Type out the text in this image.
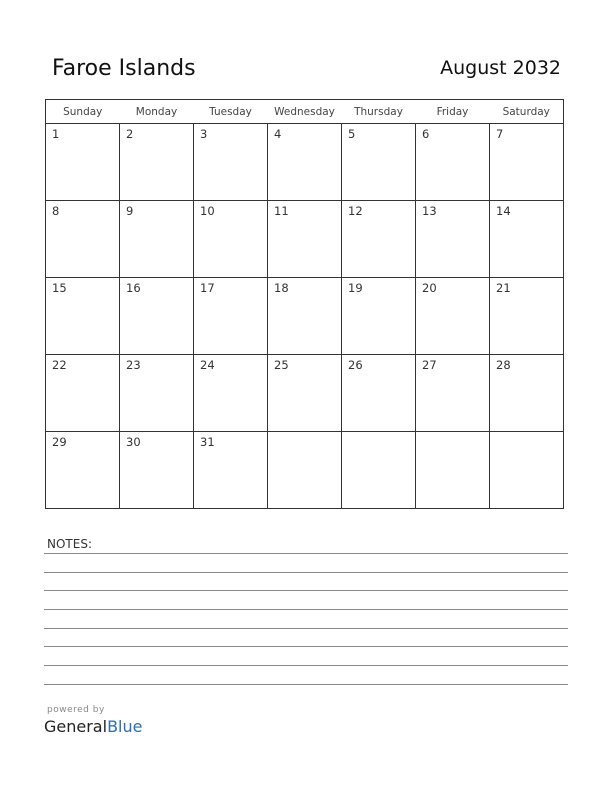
Faroe Islands	August 2032
Sunday	Monday	Tuesday	Wednesday	Thursday	Friday	Saturday

1	2	3	4	5	6	7

8	9	10	11	12	13	14

15	16	17	18	19	20	21

22	23	24	25	26	27	28

29	30	31				

NOTES:
powered by
GeneralBlue
